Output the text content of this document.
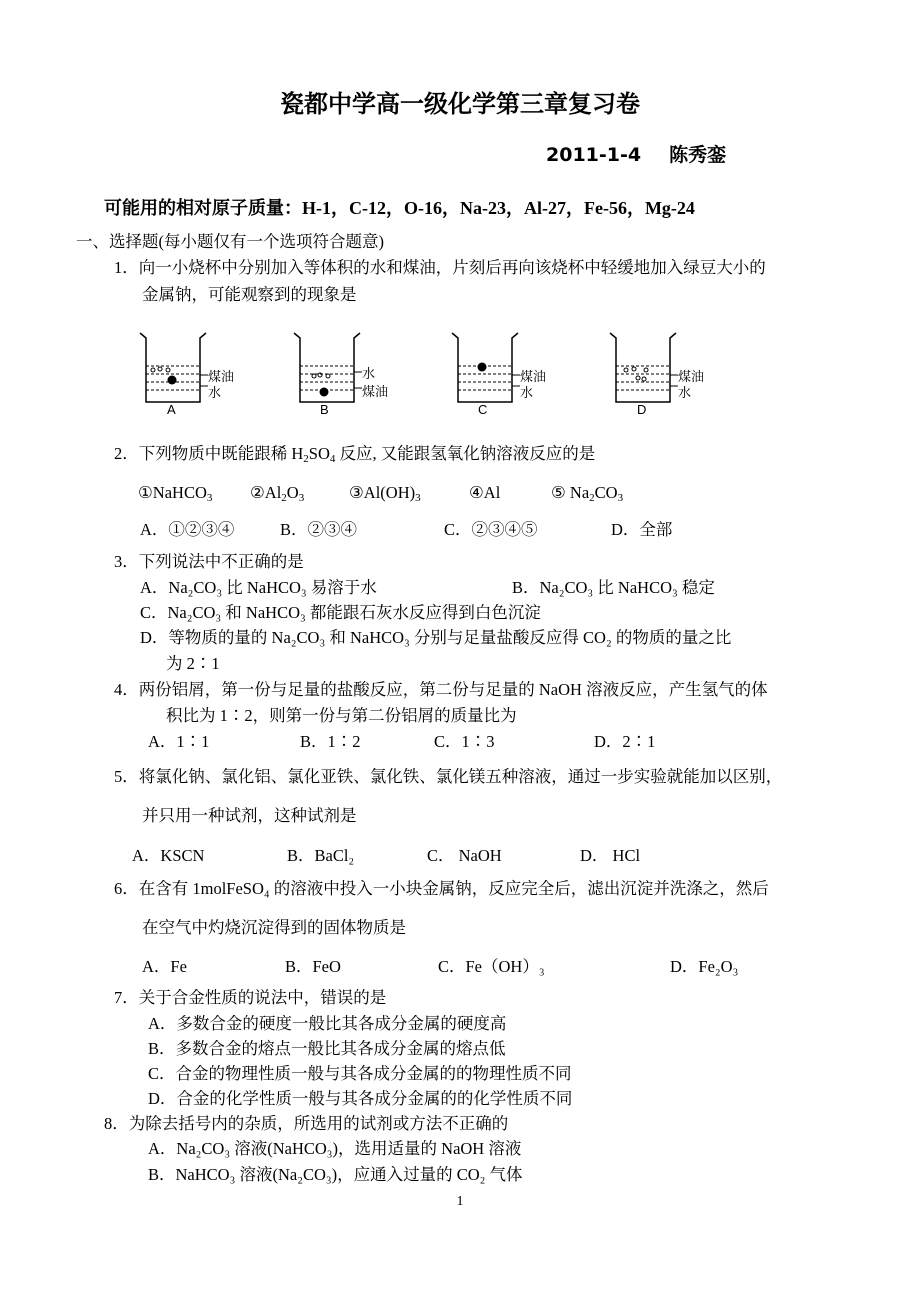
瓷都中学高一级化学第三章复习卷
2011-1-4 陈秀銮
可能用的相对原子质量：H-1，C-12，O-16，Na-23，Al-27，Fe-56，Mg-24
一、选择题(每小题仅有一个选项符合题意)
1．向一小烧杯中分别加入等体积的水和煤油，片刻后再向该烧杯中轻缓地加入绿豆大小的
金属钠，可能观察到的现象是
煤油
水
A
水
煤油
B
煤油
水
C
煤油
水
D
2．下列物质中既能跟稀 $H_2SO_4$ 反应, 又能跟氢氧化钠溶液反应的是
①NaHCO$_3$ $②Al_2O_3$	$③Al(OH)_3$	④Al	⑤ $Na_2CO_3$
A．①②③④	B．②③④	C．②③④⑤	D．全部
3．下列说法中不正确的是
A．Na₂CO₃ 比 NaHCO₃ 易溶于水	B．Na₂CO₃ 比 NaHCO₃ 稳定
C．Na₂CO₃ 和 NaHCO₃ 都能跟石灰水反应得到白色沉淀
D．等物质的量的 Na₂CO₃ 和 NaHCO₃ 分别与足量盐酸反应得 CO₂ 的物质的量之比
为 2∶1
4．两份铝屑，第一份与足量的盐酸反应，第二份与足量的 NaOH 溶液反应，产生氢气的体
积比为 1∶2，则第一份与第二份铝屑的质量比为
A．1∶1	B．1∶2	C．1∶3	D．2∶1
5．将氯化钠、氯化铝、氯化亚铁、氯化铁、氯化镁五种溶液，通过一步实验就能加以区别，
并只用一种试剂，这种试剂是
A．KSCN	B．BaCl₂	C． NaOH	D． HCl
6．在含有 1molFeSO₄ 的溶液中投入一小块金属钠，反应完全后，滤出沉淀并洗涤之，然后
在空气中灼烧沉淀得到的固体物质是
A．Fe	B．FeO	C．Fe（OH）₃	D．Fe₂O₃
7．关于合金性质的说法中，错误的是
A．多数合金的硬度一般比其各成分金属的硬度高
B．多数合金的熔点一般比其各成分金属的熔点低
C．合金的物理性质一般与其各成分金属的的物理性质不同
D．合金的化学性质一般与其各成分金属的的化学性质不同
8．为除去括号内的杂质，所选用的试剂或方法不正确的
A．Na₂CO₃ 溶液(NaHCO₃)，选用适量的 NaOH 溶液
B．NaHCO₃ 溶液(Na₂CO₃)，应通入过量的 CO₂ 气体
1
